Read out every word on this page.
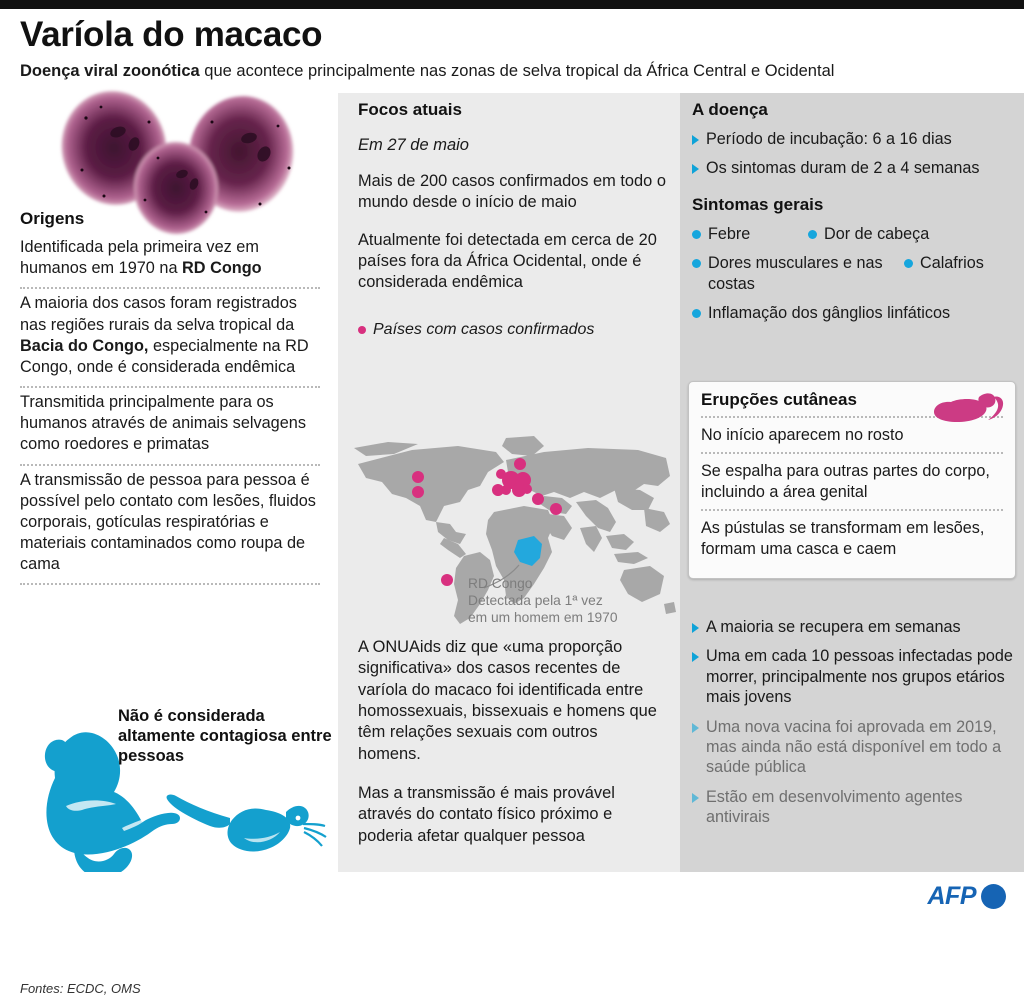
Varíola do macaco
Doença viral zoonótica que acontece principalmente nas zonas de selva tropical da África Central e Ocidental
Origens

Identificada pela primeira vez em humanos em 1970 na RD Congo

A maioria dos casos foram registrados nas regiões rurais da selva tropical da Bacia do Congo, especialmente na RD Congo, onde é considerada endêmica

Transmitida principalmente para os humanos através de animais selvagens como roedores e primatas

A transmissão de pessoa para pessoa é possível pelo contato com lesões, fluidos corporais, gotículas respiratórias e materiais contaminados como roupa de cama

Não é considerada altamente contagiosa entre pessoas
Fontes: ECDC, OMS
Focos atuais

Em 27 de maio

Mais de 200 casos confirmados em todo o mundo desde o início de maio

Atualmente foi detectada em cerca de 20 países fora da África Ocidental, onde é considerada endêmica

Países com casos confirmados
RD Congo
Detectada pela 1ª vez
em um homem em 1970

A ONUAids diz que «uma proporção significativa» dos casos recentes de varíola do macaco foi identificada entre homossexuais, bissexuais e homens que têm relações sexuais com outros homens.

Mas a transmissão é mais provável através do contato físico próximo e poderia afetar qualquer pessoa

A doença
Período de incubação: 6 a 16 dias
Os sintomas duram de 2 a 4 semanas
Sintomas gerais
Febre	Dor de cabeça
Dores musculares e nas costas
Calafrios
Inflamação dos gânglios linfáticos
Erupções cutâneas

No início aparecem no rosto

Se espalha para outras partes do corpo, incluindo a área genital

As pústulas se transformam em lesões, formam uma casca e caem

A maioria se recupera em semanas
Uma em cada 10 pessoas infectadas pode morrer, principalmente nos grupos etários mais jovens
Uma nova vacina foi aprovada em 2019, mas ainda não está disponível em todo a saúde pública
Estão em desenvolvimento agentes antivirais
AFP
